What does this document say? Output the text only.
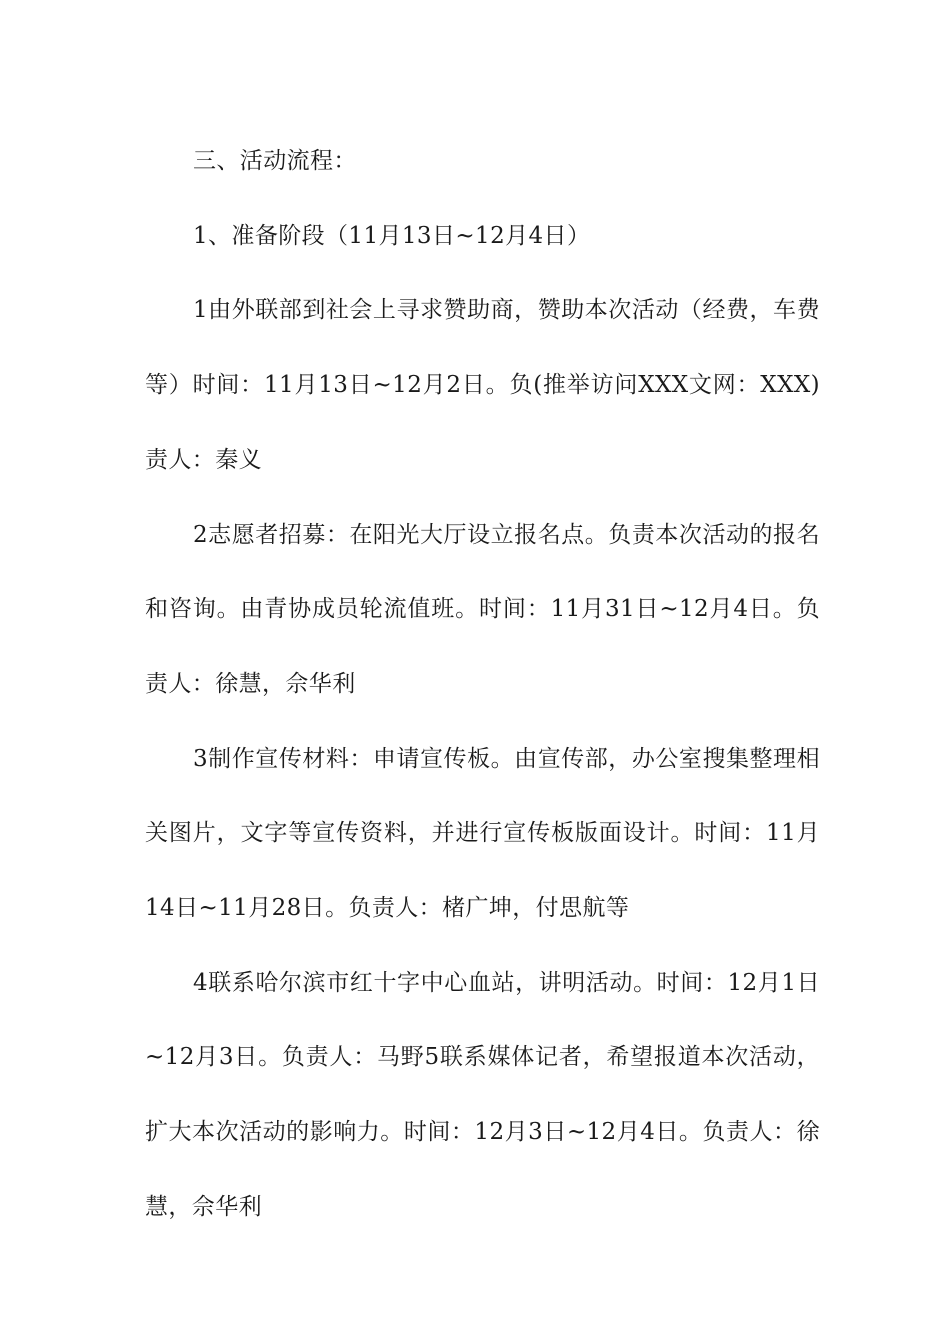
三、活动流程：

1、准备阶段（11月13日~12月4日）

1由外联部到社会上寻求赞助商，赞助本次活动（经费，车费等）时间：11月13日~12月2日。负(推举访问XXX文网：XXX)责人：秦义

2志愿者招募：在阳光大厅设立报名点。负责本次活动的报名和咨询。由青协成员轮流值班。时间：11月31日~12月4日。负责人：徐慧，佘华利

3制作宣传材料：申请宣传板。由宣传部，办公室搜集整理相关图片，文字等宣传资料，并进行宣传板版面设计。时间：11月14日~11月28日。负责人：楮广坤，付思航等

4联系哈尔滨市红十字中心血站，讲明活动。时间：12月1日~12月3日。负责人：马野5联系媒体记者，希望报道本次活动，扩大本次活动的影响力。时间：12月3日~12月4日。负责人：徐慧，佘华利
